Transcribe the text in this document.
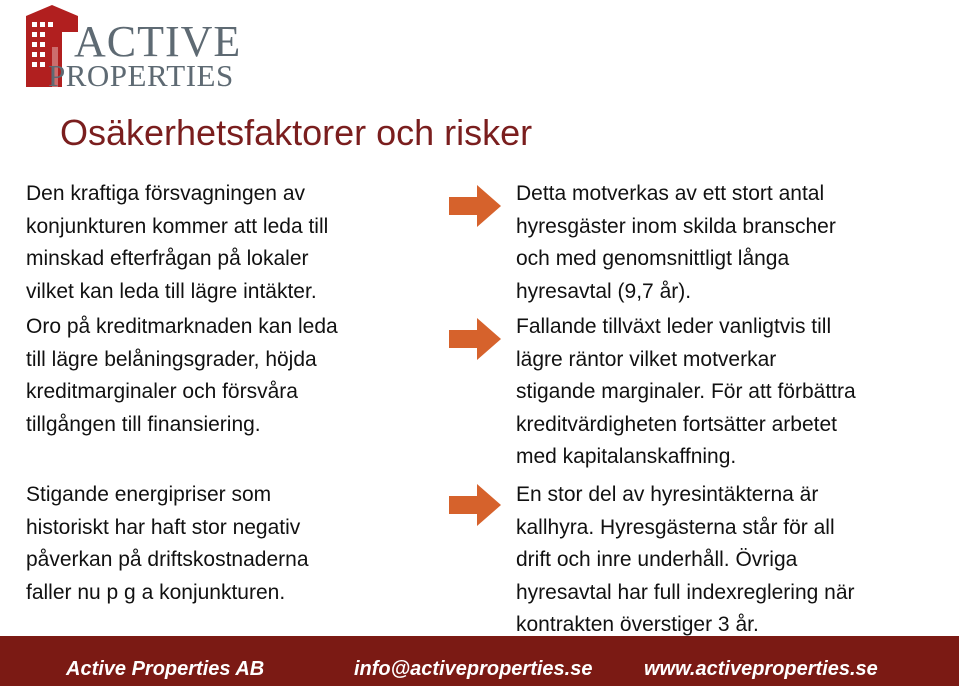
ACTIVE
PROPERTIES
Osäkerhetsfaktorer och risker
Den kraftiga försvagningen av
konjunkturen kommer att leda till
minskad efterfrågan på lokaler
vilket kan leda till lägre intäkter.
Detta motverkas av ett stort antal
hyresgäster inom skilda branscher
och med genomsnittligt långa
hyresavtal (9,7 år).
Oro på kreditmarknaden kan leda
till lägre belåningsgrader, höjda
kreditmarginaler och försvåra
tillgången till finansiering.
Fallande tillväxt leder vanligtvis till
lägre räntor vilket motverkar
stigande marginaler. För att förbättra
kreditvärdigheten fortsätter arbetet
med kapitalanskaffning.
Stigande energipriser som
historiskt har haft stor negativ
påverkan på driftskostnaderna
faller nu p g a konjunkturen.
En stor del av hyresintäkterna är
kallhyra. Hyresgästerna står för all
drift och inre underhåll. Övriga
hyresavtal har full indexreglering när
kontrakten överstiger 3 år.
Active Properties AB	info@activeproperties.se	www.activeproperties.se
